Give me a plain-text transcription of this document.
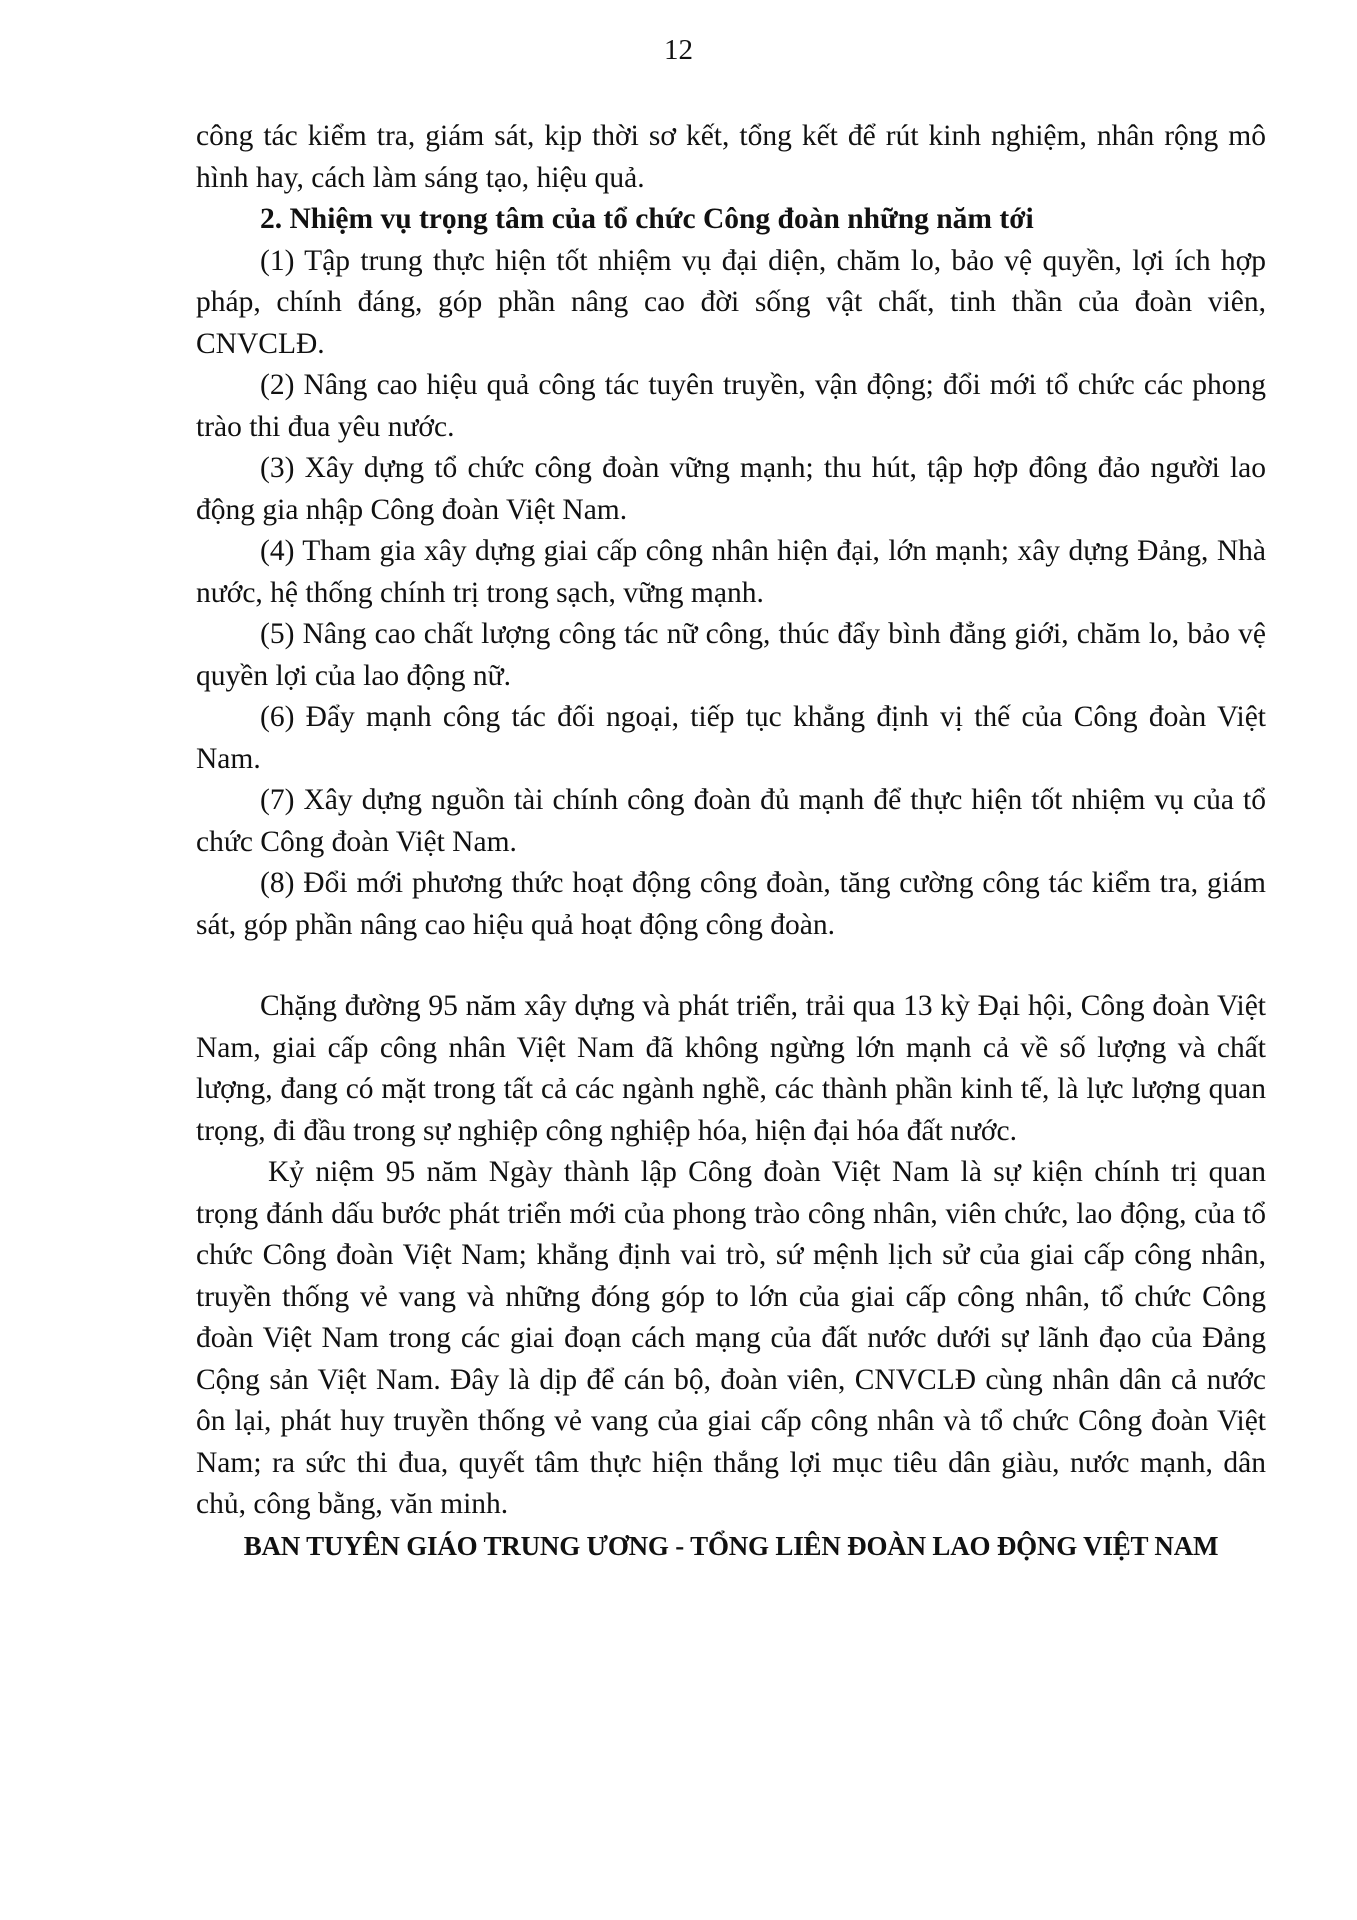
12

công tác kiểm tra, giám sát, kịp thời sơ kết, tổng kết để rút kinh nghiệm, nhân rộng mô hình hay, cách làm sáng tạo, hiệu quả.

2. Nhiệm vụ trọng tâm của tổ chức Công đoàn những năm tới

(1) Tập trung thực hiện tốt nhiệm vụ đại diện, chăm lo, bảo vệ quyền, lợi ích hợp pháp, chính đáng, góp phần nâng cao đời sống vật chất, tinh thần của đoàn viên, CNVCLĐ.

(2) Nâng cao hiệu quả công tác tuyên truyền, vận động; đổi mới tổ chức các phong trào thi đua yêu nước.

(3) Xây dựng tổ chức công đoàn vững mạnh; thu hút, tập hợp đông đảo người lao động gia nhập Công đoàn Việt Nam.

(4) Tham gia xây dựng giai cấp công nhân hiện đại, lớn mạnh; xây dựng Đảng, Nhà nước, hệ thống chính trị trong sạch, vững mạnh.

(5) Nâng cao chất lượng công tác nữ công, thúc đẩy bình đẳng giới, chăm lo, bảo vệ quyền lợi của lao động nữ.

(6) Đẩy mạnh công tác đối ngoại, tiếp tục khẳng định vị thế của Công đoàn Việt Nam.

(7) Xây dựng nguồn tài chính công đoàn đủ mạnh để thực hiện tốt nhiệm vụ của tổ chức Công đoàn Việt Nam.

(8) Đổi mới phương thức hoạt động công đoàn, tăng cường công tác kiểm tra, giám sát, góp phần nâng cao hiệu quả hoạt động công đoàn.

Chặng đường 95 năm xây dựng và phát triển, trải qua 13 kỳ Đại hội, Công đoàn Việt Nam, giai cấp công nhân Việt Nam đã không ngừng lớn mạnh cả về số lượng và chất lượng, đang có mặt trong tất cả các ngành nghề, các thành phần kinh tế, là lực lượng quan trọng, đi đầu trong sự nghiệp công nghiệp hóa, hiện đại hóa đất nước.

Kỷ niệm 95 năm Ngày thành lập Công đoàn Việt Nam là sự kiện chính trị quan trọng đánh dấu bước phát triển mới của phong trào công nhân, viên chức, lao động, của tổ chức Công đoàn Việt Nam; khẳng định vai trò, sứ mệnh lịch sử của giai cấp công nhân, truyền thống vẻ vang và những đóng góp to lớn của giai cấp công nhân, tổ chức Công đoàn Việt Nam trong các giai đoạn cách mạng của đất nước dưới sự lãnh đạo của Đảng Cộng sản Việt Nam. Đây là dịp để cán bộ, đoàn viên, CNVCLĐ cùng nhân dân cả nước ôn lại, phát huy truyền thống vẻ vang của giai cấp công nhân và tổ chức Công đoàn Việt Nam; ra sức thi đua, quyết tâm thực hiện thắng lợi mục tiêu dân giàu, nước mạnh, dân chủ, công bằng, văn minh.

BAN TUYÊN GIÁO TRUNG ƯƠNG - TỔNG LIÊN ĐOÀN LAO ĐỘNG VIỆT NAM
